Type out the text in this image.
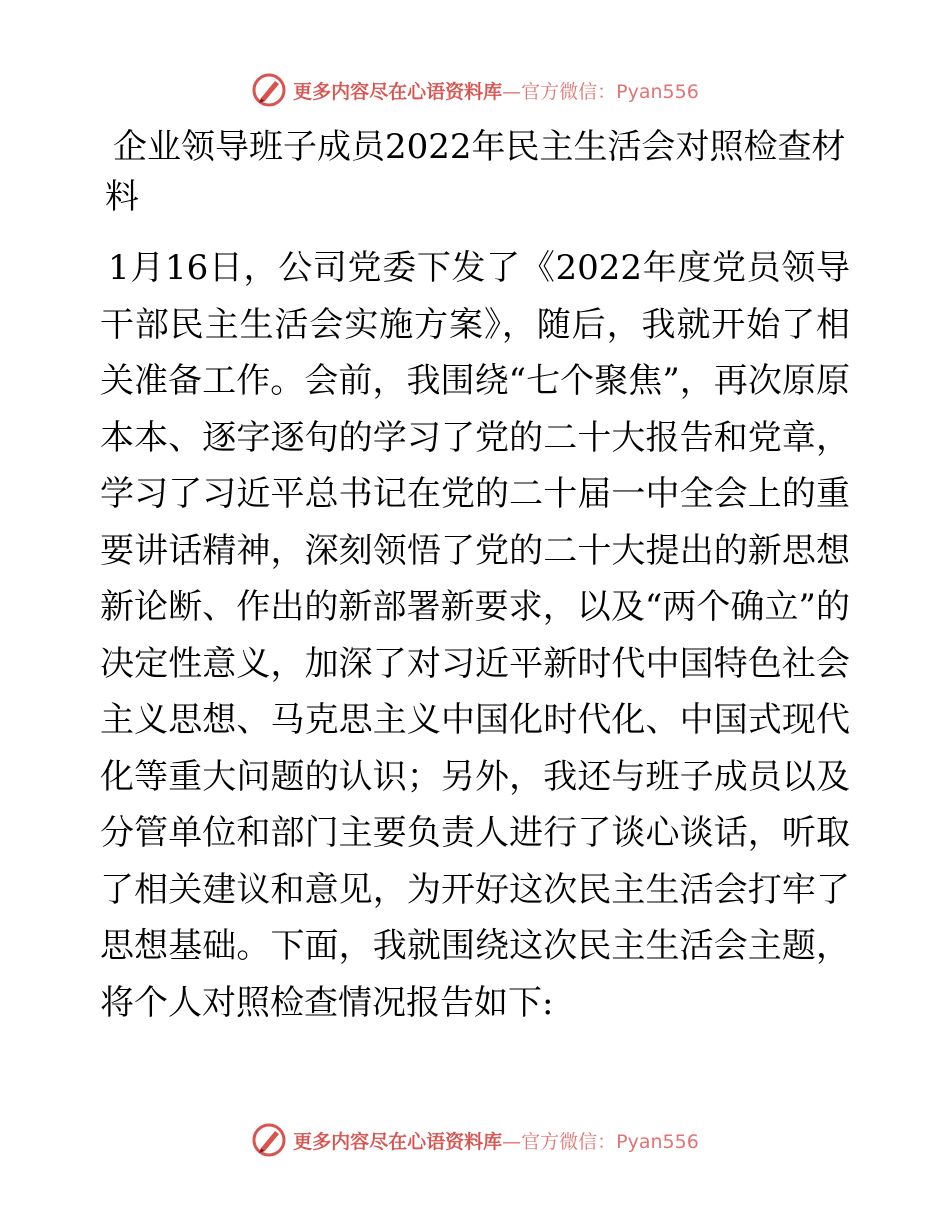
更多内容尽在心语资料库—官方微信：Pyan556
企业领导班子成员2022年民主生活会对照检查材料

1月16日，公司党委下发了《2022年度党员领导干部民主生活会实施方案》，随后，我就开始了相关准备工作。会前，我围绕“七个聚焦”，再次原原本本、逐字逐句的学习了党的二十大报告和党章，学习了习近平总书记在党的二十届一中全会上的重要讲话精神，深刻领悟了党的二十大提出的新思想新论断、作出的新部署新要求，以及“两个确立”的决定性意义，加深了对习近平新时代中国特色社会主义思想、马克思主义中国化时代化、中国式现代化等重大问题的认识；另外，我还与班子成员以及分管单位和部门主要负责人进行了谈心谈话，听取了相关建议和意见，为开好这次民主生活会打牢了思想基础。下面，我就围绕这次民主生活会主题，将个人对照检查情况报告如下:

更多内容尽在心语资料库—官方微信：Pyan556
